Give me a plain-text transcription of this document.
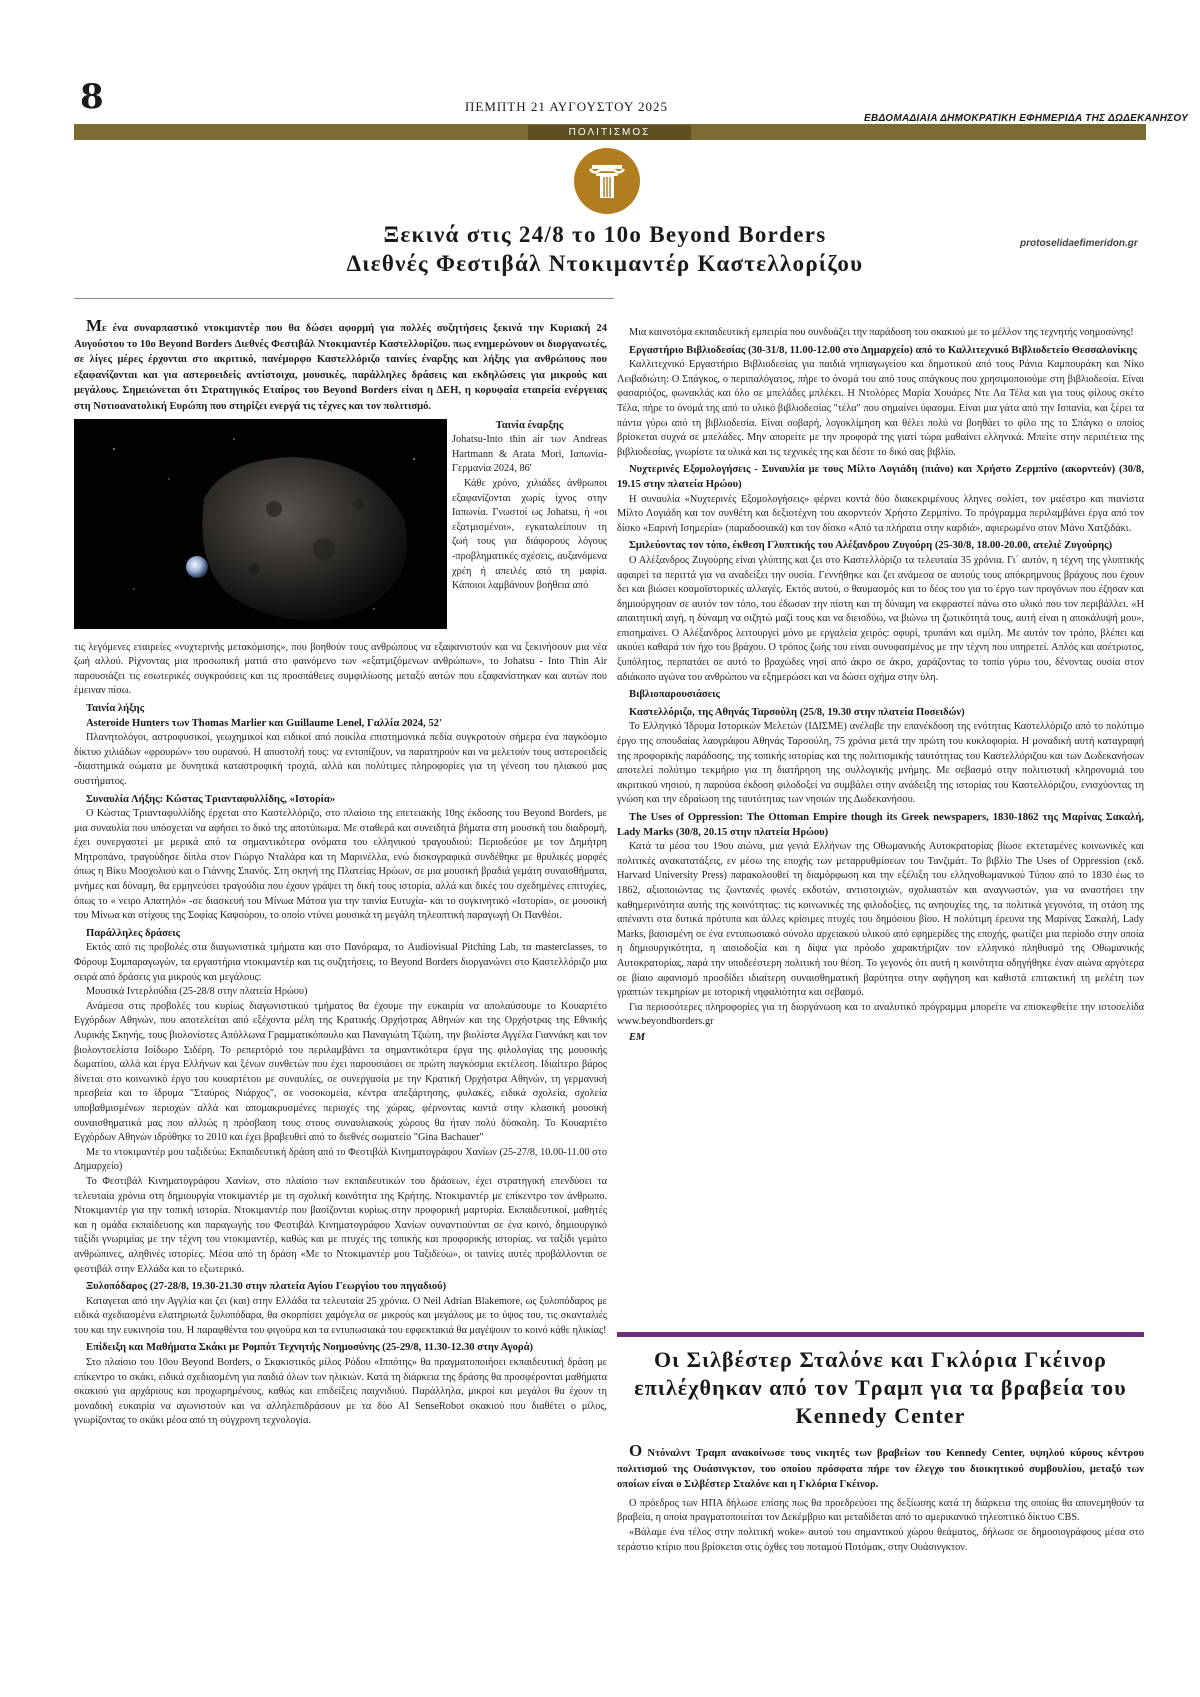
8	ΠΕΜΠΤΗ 21 ΑΥΓΟΥΣΤΟΥ 2025
ΕΒΔΟΜΑΔΙΑΙΑ ΔΗΜΟΚΡΑΤΙΚΗ ΕΦΗΜΕΡΙΔΑ ΤΗΣ ΔΩΔΕΚΑΝΗΣΟΥ
ΠΟΛΙΤΙΣΜΟΣ
Ξεκινά στις 24/8 το 10ο Beyond Borders
Διεθνές Φεστιβάλ Ντοκιμαντέρ Καστελλορίζου
protoselidaefimeridon.gr

Με ένα συναρπαστικό ντοκιμαντέρ που θα δώσει αφορμή για πολλές συζητήσεις ξεκινά την Κυριακή 24 Αυγούστου το 10ο Beyond Borders Διεθνές Φεστιβάλ Ντοκιμαντέρ Καστελλορίζου. πως ενημερώνουν οι διοργανωτές, σε λίγες μέρες έρχονται στο ακριτικό, πανέμορφο Καστελλόριζο ταινίες έναρξης και λήξης για ανθρώπους που εξαφανίζονται και για αστεροειδείς αντίστοιχα, μουσικές, παράλληλες δράσεις και εκδηλώσεις για μικρούς και μεγάλους. Σημειώνεται ότι Στρατηγικός Εταίρος του Beyond Borders είναι η ΔΕΗ, η κορυφαία εταιρεία ενέργειας στη Νοτιοανατολική Ευρώπη που στηρίζει ενεργά τις τέχνες και τον πολιτισμό.

Ταινία έναρξης

Johatsu-Into thin air των Andreas Hartmann & Arata Mori, Ιαπωνία- Γερμανία 2024, 86'

Κάθε χρόνο, χιλιάδες άνθρωποι εξαφανίζονται χωρίς ίχνος στην Ιαπωνία. Γνωστοί ως Johatsu, ή «οι εξατμισμένοι», εγκαταλείπουν τη ζωή τους για διάφορους λόγους -προβληματικές σχέσεις, αυξανόμενα χρέη ή απειλές από τη μαφία. Κάποιοι λαμβάνουν βοήθεια από

τις λεγόμενες εταιρείες «νυχτερινής μετακόμισης», που βοηθούν τους ανθρώπους να εξαφανιστούν και να ξεκινήσουν μια νέα ζωή αλλού. Ρίχνοντας μια προσωπική ματιά στο φαινόμενο των «εξατμιζόμενων ανθρώπων», το Johatsu - Into Thin Air παρουσιάζει τις εσωτερικές συγκρούσεις και τις προσπάθειες συμφιλίωσης μεταξύ αυτών που εξαφανίστηκαν και αυτών που έμειναν πίσω.

Ταινία λήξης
Asteroide Hunters των Thomas Marlier και Guillaume Lenel, Γαλλία 2024, 52'

Πλανητολόγοι, αστροφυσικοί, γεωχημικοί και ειδικοί από ποικίλα επιστημονικά πεδία συγκροτούν σήμερα ένα παγκόσμιο δίκτυο χιλιάδων «φρουρών» του ουρανού. Η αποστολή τους: να εντοπίζουν, να παρατηρούν και να μελετούν τους αστεροειδείς -διαστημικά σώματα με δυνητικά καταστροφική τροχιά, αλλά και πολύτιμες πληροφορίες για τη γένεση του ηλιακού μας συστήματος.

Συναυλία Λήξης: Κώστας Τριανταφυλλίδης, «Ιστορία»

Ο Κώστας Τριανταφυλλίδης έρχεται στο Καστελλόριζο, στο πλαίσιο της επετειακής 10ης έκδοσης του Beyond Borders, με μια συναυλία που υπόσχεται να αφήσει το δικό της αποτύπωμα. Με σταθερά και συνειδητά βήματα στη μουσική του διαδρομή, έχει συνεργαστεί με μερικά από τα σημαντικότερα ονόματα του ελληνικού τραγουδιού: Περιοδεύσε με τον Δημήτρη Μητροπάνο, τραγούδησε δίπλα στον Γιώργο Νταλάρα και τη Μαρινέλλα, ενώ δισκογραφικά συνδέθηκε με θρυλικές μορφές όπως η Βίκυ Μοσχολιού και ο Γιάννης Σπανός. Στη σκηνή της Πλατείας Ηρώων, σε μια μουσική βραδιά γεμάτη συναισθήματα, μνήμες και δύναμη, θα ερμηνεύσει τραγούδια που έχουν γράψει τη δική τους ιστορία, αλλά και δικές του σχεδημένες επιτυχίες, όπως το « νειρο Απατηλό» -σε διασκευή του Μίνωα Μάτσα για την ταινία Ευτυχία- και το συγκινητικό «Ιστορία», σε μουσική του Μίνωα και στίχους της Σοφίας Καψούρου, το οποίο ντύνει μουσικά τη μεγάλη τηλεοπτική παραγωγή Οι Πανθέοι.

Παράλληλες δράσεις

Εκτός από τις προβολές στα διαγωνιστικά τμήματα και στο Πανόραμα, το Audiovisual Pitching Lab, τα masterclasses, το Φόρουμ Συμπαραγωγών, τα εργαστήρια ντοκιμαντέρ και τις συζητήσεις, το Beyond Borders διοργανώνει στο Καστελλόριζο μια σειρά από δράσεις για μικρούς και μεγάλους:

Μουσικά Ιντερλούδια (25-28/8 στην πλατεία Ηρώου)

Ανάμεσα στις προβολές του κυρίως διαγωνιστικού τμήματος θα έχουμε την ευκαιρία να απολαύσουμε το Κουαρτέτο Εγχόρδων Αθηνών, που αποτελείται από εξέχοντα μέλη της Κρατικής Ορχήστρας Αθηνών και της Ορχήστρας της Εθνικής Λυρικής Σκηνής, τους βιολονίστες Απόλλωνα Γραμματικόπουλο και Παναγιώτη Τζιώτη, την βιολίστα Αγγέλα Γιαννάκη και τον βιολοντσελίστα Ισίδωρο Σιδέρη. Το ρεπερτόριό του περιλαμβάνει τα σημαντικότερα έργα της φιλολογίας της μουσικής δωματίου, αλλά και έργα Ελλήνων και ξένων συνθετών που έχει παρουσιάσει σε πρώτη παγκόσμια εκτέλεση. Ιδιαίτερο βάρος δίνεται στο κοινωνικό έργο του κουαρτέτου με συναυλίες, σε συνεργασία με την Κρατική Ορχήστρα Αθηνών, τη γερμανική πρεσβεία και το ίδρυμα "Σταύρος Νιάρχος", σε νοσοκομεία, κέντρα απεξάρτησης, φυλακές, ειδικά σχολεία, σχολεία υποβαθμισμένων περιοχών αλλά και απομακρυσμένες περιοχές της χώρας, φέρνοντας κοντά στην κλασική μουσική συναισθηματικά μας που αλλιώς η πρόσβαση τους στους συναυλιακούς χώρους θα ήταν πολύ δύσκολη. Το Κουαρτέτο Εγχόρδων Αθηνών ιδρύθηκε το 2010 και έχει βραβευθεί από το διεθνές σωματείο "Gina Bachauer"

Με το ντοκιμαντέρ μου ταξιδεύω: Εκπαιδευτική δράση από το Φεστιβάλ Κινηματογράφου Χανίων (25-27/8, 10.00-11.00 στο Δημαρχείο)

Το Φεστιβάλ Κινηματογράφου Χανίων, στο πλαίσιο των εκπαιδευτικών του δράσεων, έχει στρατηγική επενδύσει τα τελευταία χρόνια στη δημιουργία ντοκιμαντέρ με τη σχολική κοινότητα της Κρήτης. Ντοκιμαντέρ με επίκεντρο τον άνθρωπο. Ντοκιμαντέρ για την τοπική ιστορία. Ντοκιμαντέρ που βασίζονται κυρίως στην προφορική μαρτυρία. Εκπαιδευτικοί, μαθητές και η ομάδα εκπαίδευσης και παραγωγής του Φεστιβάλ Κινηματογράφου Χανίων συναντιούνται σε ένα κοινό, δημιουργικό ταξίδι γνωριμίας με την τέχνη του ντοκιμαντέρ, καθώς και με πτυχές της τοπικής και προφορικής ιστορίας. να ταξίδι γεμάτο ανθρώπινες, αληθινές ιστορίες. Μέσα από τη δράση «Με το Ντοκιμαντέρ μου Ταξιδεύω», οι ταινίες αυτές προβάλλονται σε φεστιβάλ στην Ελλάδα και το εξωτερικό.

Ξυλοπόδαρος (27-28/8, 19.30-21.30 στην πλατεία Αγίου Γεωργίου του πηγαδιού)

Καταγεται από την Αγγλία και ζει (και) στην Ελλάδα τα τελευταία 25 χρόνια. Ο Neil Adrian Blakemore, ως ξυλοπόδαρος με ειδικά σχεδιασμένα ελατηριωτά ξυλοπόδαρα, θα σκορπίσει χαμόγελα σε μικρούς και μεγάλους με το ύψος του, τις σκανταλιές του και την ευκινησία του. Η παραφθέντα του φιγούρα και τα εντυπωσιακά του εφφεκτακιά θα μαγέψουν το κοινό κάθε ηλικίας!

Επίδειξη και Μαθήματα Σκάκι με Ρομπότ Τεχνητής Νοημοσύνης (25-29/8, 11.30-12.30 στην Αγορά)

Στο πλαίσιο του 10ου Beyond Borders, ο Σκακιστικός μίλος Ρόδου «Ιππότης» θα πραγματοποιήσει εκπαιδευτική δράση με επίκεντρο το σκάκι, ειδικά σχεδιασμένη για παιδιά όλων των ηλικιών. Κατά τη διάρκεια της δράσης θα προσφέρονται μαθήματα σκακιού για αρχάριους και προχωρημένους, καθώς και επιδείξεις παιχνιδιού. Παράλληλα, μικροί και μεγάλοι θα έχουν τη μοναδική ευκαιρία να αγωνιστούν και να αλληλεπιδράσουν με τα δύο AI SenseRobot σκακιού που διαθέτει ο μίλος, γνωρίζοντας το σκάκι μέσα από τη σύγχρονη τεχνολογία.

Μια καινοτόμα εκπαιδευτική εμπειρία που συνδυάζει την παράδοση του σκακιού με το μέλλον της τεχνητής νοημοσύνης!

Εργαστήριο Βιβλιοδεσίας (30-31/8, 11.00-12.00 στο Δημαρχείο) από το Καλλιτεχνικό Βιβλιοδετείο Θεσσαλονίκης

Καλλιτεχνικό Εργαστήριο Βιβλιοδεσίας για παιδιά νηπιαγωγείου και δημοτικού από τους Ράνια Καμπουράκη και Νίκο Λειβαδιώτη: Ο Σπάγκος, ο περιπαλόγατος, πήρε το όνομά του από τους σπάγκους που χρησιμοποιούμε στη βιβλιοδεσία. Είναι φασαριόζος, φωνακλάς και όλο σε μπελάδες μπλέκει. Η Ντολόρες Μαρία Χουάρες Ντε Λα Τέλα και για τους φίλους σκέτο Τέλα, πήρε το όνομά της από το υλικό βιβλιοδεσίας "τέλα" που σημαίνει ύφασμα. Είναι μια γάτα από την Ισπανία, και ξέρει τα πάντα γύρω από τη βιβλιοδεσία. Είναι σοβαρή, λογοκλίμηση και θέλει πολύ να βοηθάει το φίλο της το Σπάγκο ο οποίος βρίσκεται συχνά σε μπελάδες. Μην απορείτε με την προφορά της γιατί τώρα μαθαίνει ελληνικά. Μπείτε στην περιπέτεια της βιβλιοδεσίας, γνωρίστε τα υλικά και τις τεχνικές της και δέστε το δικό σας βιβλίο.

Νυχτερινές Εξομολογήσεις - Συναυλία με τους Μίλτο Λογιάδη (πιάνο) και Χρήστο Ζερμπίνο (ακορντεόν) (30/8, 19.15 στην πλατεία Ηρώου)

Η συναυλία «Νυχτερινές Εξομολογήσεις» φέρνει κοντά δύο διακεκριμένους λληνες σολίστ, τον μαέστρο και πιανίστα Μίλτο Λογιάδη και τον συνθέτη και δεξιοτέχνη του ακορντεόν Χρήστο Ζερμπίνο. Το πρόγραμμα περιλαμβάνει έργα από τον δίσκο «Εαρινή Ισημερία» (παραδοσιακά) και τον δίσκο «Από τα πλήρατα στην καρδιά», αφιερωμένο στον Μάνο Χατζιδάκι.

Σμιλεύοντας τον τόπο, έκθεση Γλυπτικής του Αλέξανδρου Ζυγούρη (25-30/8, 18.00-20.00, ατελιέ Ζυγούρης)

Ο Αλέξανδρος Ζυγούρης είναι γλύπτης και ζει στο Καστελλόριζο τα τελευταία 35 χρόνια. Γι΄ αυτόν, η τέχνη της γλυπτικής αφαιρεί τα περιττά για να αναδείξει την ουσία. Γεννήθηκε και ζει ανάμεσα σε αυτούς τους απόκρημνους βράχους που έχουν δει και βιώσει κοσμοϊστορικές αλλαγές. Εκτός αυτού, ο θαυμασμός και το δέος του για το έργο των προγόνων που έζησαν και δημιούργησαν σε αυτόν τον τόπο, του έδωσαν την πίστη και τη δύναμη να εκφραστεί πάνω στο υλικό που τον περιβάλλει. «Η απαιτητική αιγή, η δύναμη να σιζητώ μαζί τους και να διεισδύω, να βιώνω τη ζωτικότητά τους, αυτή είναι η αποκάλυψή μου», επισημαίνει. Ο Αλέξανδρος λειτουργεί μόνο με εργαλεία χειρός: σφυρί, τρυπάνι και σμίλη. Με αυτόν τον τρόπο, βλέπει και ακούει καθαρά τον ήχο του βράχου. Ο τρόπος ζωής του είναι συνυφασμένος με την τέχνη που υπηρετεί. Απλός και ασέτρωτος, ξυπόλητος, περπατάει σε αυτό το βραχώδες νησί από άκρο σε άκρο, χαράζοντας το τοπίο γύρω του, δένοντας ουσία στον αδιάκοπο αγώνα του ανθρώπου να εξημερώσει και να δώσει σχήμα στην ύλη.

Βιβλιοπαρουσιάσεις
Καστελλόριζο, της Αθηνάς Ταρσούλη (25/8, 19.30 στην πλατεία Ποσειδών)

Το Ελληνικό Ίδρυμα Ιστορικών Μελετών (ΙΔΙΣΜΕ) ανέλαβε την επανέκδοση της ενότητας Καστελλόριζο από το πολύτιμο έργο της σπουδαίας λαογράφου Αθηνάς Ταρσούλη, 75 χρόνια μετά την πρώτη του κυκλοφορία. Η μοναδική αυτή καταγραφή της προφορικής παράδοσης, της τοπικής ιστορίας και της πολιτισμικής ταυτότητας του Καστελλόριζου και των Δωδεκανήσων αποτελεί πολύτιμο τεκμήριο για τη διατήρηση της συλλογικής μνήμης. Με σεβασμό στην πολιτιστική κληρονομιά του ακριτικού νησιού, η παρούσα έκδοση φιλοδοξεί να συμβάλει στην ανάδειξη της ιστορίας του Καστελλόριζου, ενισχύοντας τη γνώση και την εδραίωση της ταυτότητας των νησιών της Δωδεκανήσου.

The Uses of Oppression: The Ottoman Empire though its Greek newspapers, 1830-1862 της Μαρίνας Σακαλή, Lady Marks (30/8, 20.15 στην πλατεία Ηρώου)

Κατά τα μέσα του 19ου αιώνα, μια γενιά Ελλήνων της Οθωμανικής Αυτοκρατορίας βίωσε εκτεταμένες κοινωνικές και πολιτικές ανακατατάξεις, εν μέσω της εποχής των μεταρρυθμίσεων του Τανζιμάτ. Το βιβλίο The Uses of Oppression (εκδ. Harvard University Press) παρακολουθεί τη διαμόρφωση και την εξέλιξη του ελληνοθωμανικού Τύπου από το 1830 έως το 1862, αξιοποιώντας τις ζωντανές φωνές εκδοτών, αντιστοιχιών, σχολιαστών και αναγνωστών, για να αναστήσει την καθημερινότητα αυτής της κοινότητας: τις κοινωνικές της φιλοδοξίες, τις ανησυχίες της, τα πολιτικά γεγονότα, τη στάση της απέναντι στα δυτικά πρότυπα και άλλες κρίσιμες πτυχές του δημόσιου βίου. Η πολύτιμη έρευνα της Μαρίνας Σακαλή, Lady Marks, βασισμένη σε ένα εντυπωσιακό σύνολο αρχειακού υλικού από εφημερίδες της εποχής, φωτίζει μια περίοδο στην οποία η δημιουργικότητα, η αισιοδοξία και η δίψα για πρόοδο χαρακτήριζαν τον ελληνικό πληθυσμό της Οθωμανικής Αυτοκρατορίας, παρά την υποδεέστερη πολιτική του θέση. Το γεγονός ότι αυτή η κοινότητα οδηγήθηκε έναν αιώνα αργότερα σε βίαιο αφανισμό προσδίδει ιδιαίτερη συναισθηματική βαρύτητα στην αφήγηση και καθιστά επιτακτική τη μελέτη των γραπτών τεκμηρίων με ιστορική νηφαλιότητα και σεβασμό.

Για περισσότερες πληροφορίες για τη διοργάνωση και το αναλυτικό πρόγραμμα μπορείτε να επισκεφθείτε την ιστοσελίδα www.beyondborders.gr

EM
Οι Σιλβέστερ Σταλόνε και Γκλόρια Γκέινορ επιλέχθηκαν από τον Τραμπ για τα βραβεία του Kennedy Center

Ο Ντόναλντ Τραμπ ανακοίνωσε τους νικητές των βραβείων του Kennedy Center, υψηλού κύρους κέντρου πολιτισμού της Ουάσινγκτον, του οποίου πρόσφατα πήρε τον έλεγχο του διοικητικού συμβουλίου, μεταξύ των οποίων είναι ο Σιλβέστερ Σταλόνε και η Γκλόρια Γκέινορ.

Ο πρόεδρος των ΗΠΑ δήλωσε επίσης πως θα προεδρεύσει της δεξίωσης κατά τη διάρκεια της οποίας θα απονεμηθούν τα βραβεία, η οποία πραγματοποιείται τον Δεκέμβριο και μεταδίδεται από το αμερικανικό τηλεοπτικό δίκτυο CBS.

«Βάλαμε ένα τέλος στην πολιτική woke» αυτού του σημαντικού χώρου θεάματος, δήλωσε σε δημοσιογράφους μέσα στο τεράστιο κτίριο που βρίσκεται στις όχθες του ποταμού Ποτόμακ, στην Ουάσινγκτον.
